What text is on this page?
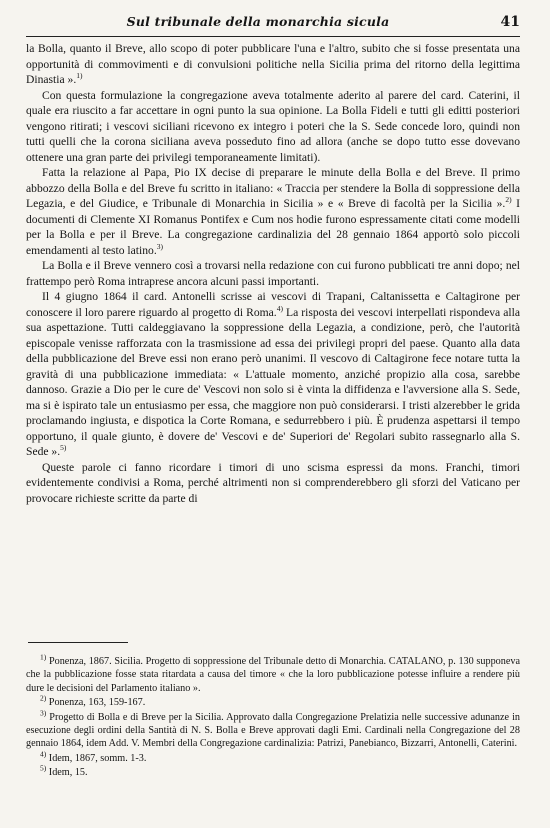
Sul tribunale della monarchia sicula	41

la Bolla, quanto il Breve, allo scopo di poter pubblicare l'una e l'altro, subito che si fosse presentata una opportunità di commovimenti e di convulsioni politiche nella Sicilia prima del ritorno della legittima Dinastia ».$^{1)}$

Con questa formulazione la congregazione aveva totalmente aderito al parere del card. Caterini, il quale era riuscito a far accettare in ogni punto la sua opinione. La Bolla Fideli e tutti gli editti posteriori vengono ritirati; i vescovi siciliani ricevono ex integro i poteri che la S. Sede concede loro, quindi non tutti quelli che la corona siciliana aveva posseduto fino ad allora (anche se dopo tutto esse dovevano ottenere una gran parte dei privilegi temporaneamente limitati).

Fatta la relazione al Papa, Pio IX decise di preparare le minute della Bolla e del Breve. Il primo abbozzo della Bolla e del Breve fu scritto in italiano: « Traccia per stendere la Bolla di soppressione della Legazia, e del Giudice, e Tribunale di Monarchia in Sicilia » e « Breve di facoltà per la Sicilia ».$^{2)}$ I documenti di Clemente XI Romanus Pontifex e Cum nos hodie furono espressamente citati come modelli per la Bolla e per il Breve. La congregazione cardinalizia del 28 gennaio 1864 apportò solo piccoli emendamenti al testo latino.$^{3)}$

La Bolla e il Breve vennero così a trovarsi nella redazione con cui furono pubblicati tre anni dopo; nel frattempo però Roma intraprese ancora alcuni passi importanti.

Il 4 giugno 1864 il card. Antonelli scrisse ai vescovi di Trapani, Caltanissetta e Caltagirone per conoscere il loro parere riguardo al progetto di Roma.$^{4)}$ La risposta dei vescovi interpellati rispondeva alla sua aspettazione. Tutti caldeggiavano la soppressione della Legazia, a condizione, però, che l'autorità episcopale venisse rafforzata con la trasmissione ad essa dei privilegi propri del paese. Quanto alla data della pubblicazione del Breve essi non erano però unanimi. Il vescovo di Caltagirone fece notare tutta la gravità di una pubblicazione immediata: « L'attuale momento, anziché propizio alla cosa, sarebbe dannoso. Grazie a Dio per le cure de' Vescovi non solo si è vinta la diffidenza e l'avversione alla S. Sede, ma si è ispirato tale un entusiasmo per essa, che maggiore non può considerarsi. I tristi alzerebber le grida proclamando ingiusta, e dispotica la Corte Romana, e sedurrebbero i più. È prudenza aspettarsi il tempo opportuno, il quale giunto, è dovere de' Vescovi e de' Superiori de' Regolari subito rassegnarlo alla S. Sede ».$^{5)}$

Queste parole ci fanno ricordare i timori di uno scisma espressi da mons. Franchi, timori evidentemente condivisi a Roma, perché altrimenti non si comprenderebbero gli sforzi del Vaticano per provocare richieste scritte da parte di

$^{1)}$ Ponenza, 1867. Sicilia. Progetto di soppressione del Tribunale detto di Monarchia. CATALANO, p. 130 supponeva che la pubblicazione fosse stata ritardata a causa del timore « che la loro pubblicazione potesse influire a rendere più dure le decisioni del Parlamento italiano ».

$^{2)}$ Ponenza, 163, 159-167.

$^{3)}$ Progetto di Bolla e di Breve per la Sicilia. Approvato dalla Congregazione Prelatizia nelle successive adunanze in esecuzione degli ordini della Santità di N. S. Bolla e Breve approvati dagli Emi. Cardinali nella Congregazione del 28 gennaio 1864, idem Add. V. Membri della Congregazione cardinalizia: Patrizi, Panebianco, Bizzarri, Antonelli, Caterini.

$^{4)}$ Idem, 1867, somm. 1-3.

$^{5)}$ Idem, 15.
